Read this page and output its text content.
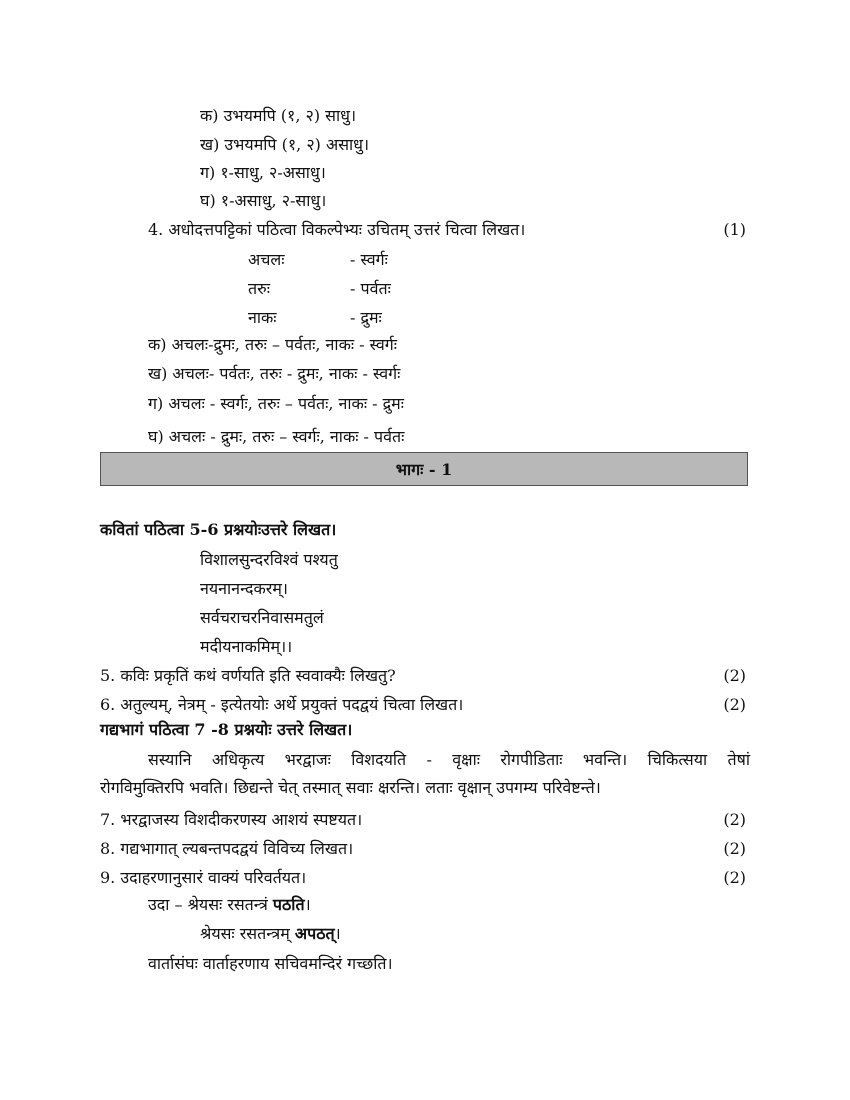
क) उभयमपि (१, २) साधु।
ख) उभयमपि (१, २) असाधु।
ग) १-साधु, २-असाधु।
घ) १-असाधु, २-साधु।
4. अधोदत्तपट्टिकां पठित्वा विकल्पेभ्यः उचितम् उत्तरं चित्वा लिखत।	(1)
अचलः	- स्वर्गः
तरुः	- पर्वतः
नाकः	- द्रुमः
क) अचलः-द्रुमः, तरुः – पर्वतः, नाकः - स्वर्गः
ख) अचलः- पर्वतः, तरुः - द्रुमः, नाकः - स्वर्गः
ग) अचलः - स्वर्गः, तरुः – पर्वतः, नाकः - द्रुमः
घ) अचलः - द्रुमः, तरुः – स्वर्गः, नाकः - पर्वतः
भागः - 1
कवितां पठित्वा 5-6 प्रश्नयोःउत्तरे लिखत।
विशालसुन्दरविश्वं पश्यतु
नयनानन्दकरम्।
सर्वचराचरनिवासमतुलं
मदीयनाकमिम्।।
5. कविः प्रकृतिं कथं वर्णयति इति स्ववाक्यैः लिखतु?	(2)
6. अतुल्यम्, नेत्रम् - इत्येतयोः अर्थे प्रयुक्तं पदद्वयं चित्वा लिखत।	(2)
गद्यभागं पठित्वा 7 -8 प्रश्नयोः उत्तरे लिखत।
सस्यानि अधिकृत्य भरद्वाजः विशदयति - वृक्षाः रोगपीडिताः भवन्ति। चिकित्सया तेषां
रोगविमुक्तिरपि भवति। छिद्यन्ते चेत् तस्मात् सवाः क्षरन्ति। लताः वृक्षान् उपगम्य परिवेष्टन्ते।
7. भरद्वाजस्य विशदीकरणस्य आशयं स्पष्टयत।	(2)
8. गद्यभागात् ल्यबन्तपदद्वयं विविच्य लिखत।	(2)
9. उदाहरणानुसारं वाक्यं परिवर्तयत।	(2)
उदा – श्रेयसः रसतन्त्रं पठति।
श्रेयसः रसतन्त्रम् अपठत्।
वार्तासंघः वार्ताहरणाय सचिवमन्दिरं गच्छति।
